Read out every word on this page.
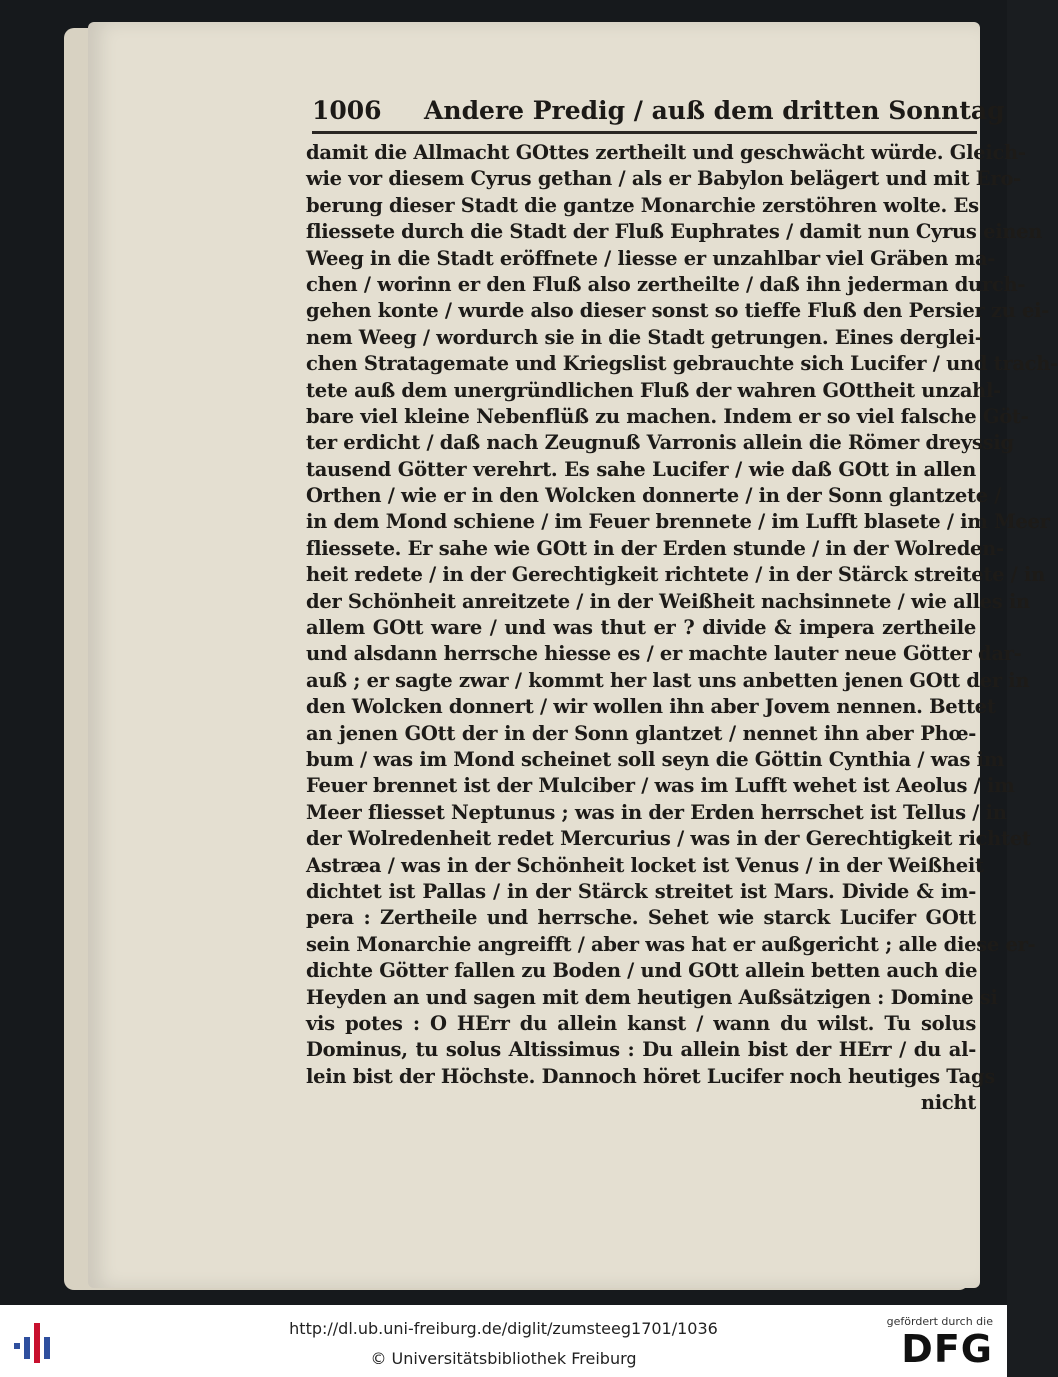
1006 Andere Predig / auß dem dritten Sonntag
damit die Allmacht GOttes zertheilt und geschwächt würde. Gleich-
wie vor diesem Cyrus gethan / als er Babylon belägert und mit Ero-
berung dieser Stadt die gantze Monarchie zerstöhren wolte. Es
fliessete durch die Stadt der Fluß Euphrates / damit nun Cyrus einen
Weeg in die Stadt eröffnete / liesse er unzahlbar viel Gräben ma-
chen / worinn er den Fluß also zertheilte / daß ihn jederman durch-
gehen konte / wurde also dieser sonst so tieffe Fluß den Persier zu ei-
nem Weeg / wordurch sie in die Stadt getrungen. Eines derglei-
chen Stratagemate und Kriegslist gebrauchte sich Lucifer / und trach-
tete auß dem unergründlichen Fluß der wahren GOttheit unzahl-
bare viel kleine Nebenflüß zu machen. Indem er so viel falsche Göt-
ter erdicht / daß nach Zeugnuß Varronis allein die Römer dreyssig
tausend Götter verehrt. Es sahe Lucifer / wie daß GOtt in allen
Orthen / wie er in den Wolcken donnerte / in der Sonn glantzete /
in dem Mond schiene / im Feuer brennete / im Lufft blasete / im Meer
fliessete. Er sahe wie GOtt in der Erden stunde / in der Wolreden-
heit redete / in der Gerechtigkeit richtete / in der Stärck streitete / in
der Schönheit anreitzete / in der Weißheit nachsinnete / wie alles in
allem GOtt ware / und was thut er ? divide & impera zertheile
und alsdann herrsche hiesse es / er machte lauter neue Götter dar-
auß ; er sagte zwar / kommt her last uns anbetten jenen GOtt der in
den Wolcken donnert / wir wollen ihn aber Jovem nennen. Bettet
an jenen GOtt der in der Sonn glantzet / nennet ihn aber Phœ-
bum / was im Mond scheinet soll seyn die Göttin Cynthia / was im
Feuer brennet ist der Mulciber / was im Lufft wehet ist Aeolus / im
Meer fliesset Neptunus ; was in der Erden herrschet ist Tellus / in
der Wolredenheit redet Mercurius / was in der Gerechtigkeit richtet
Astræa / was in der Schönheit locket ist Venus / in der Weißheit
dichtet ist Pallas / in der Stärck streitet ist Mars. Divide & im-
pera : Zertheile und herrsche. Sehet wie starck Lucifer GOtt
sein Monarchie angreifft / aber was hat er außgericht ; alle diese er-
dichte Götter fallen zu Boden / und GOtt allein betten auch die
Heyden an und sagen mit dem heutigen Außsätzigen : Domine si
vis potes : O HErr du allein kanst / wann du wilst. Tu solus
Dominus, tu solus Altissimus : Du allein bist der HErr / du al-
lein bist der Höchste. Dannoch höret Lucifer noch heutiges Tags
nicht
http://dl.ub.uni-freiburg.de/diglit/zumsteeg1701/1036
© Universitätsbibliothek Freiburg
gefördert durch die
DFG
